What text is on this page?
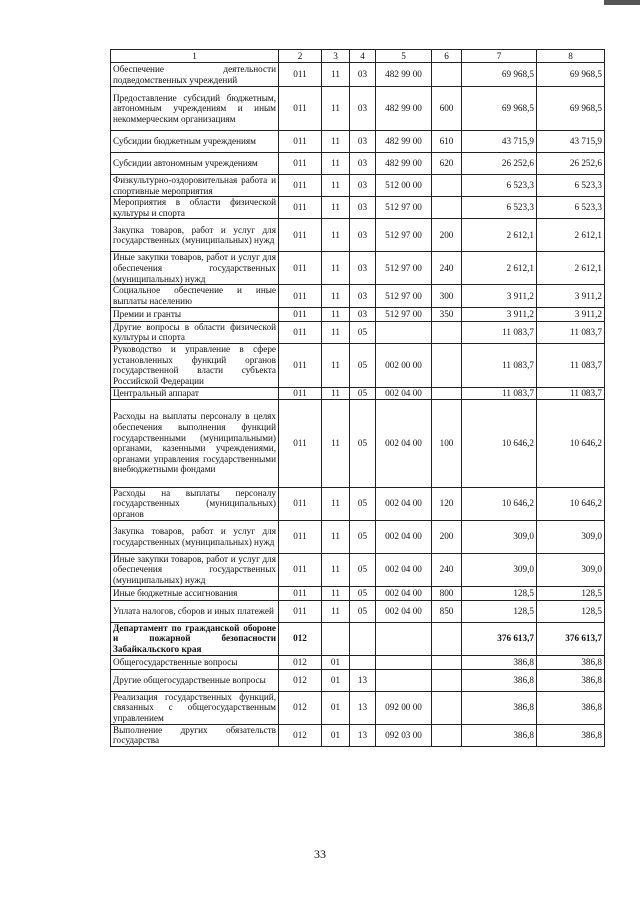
1	2	3	4	5	6	7	8
Обеспечение деятельности подведомственных учреждений	011	11	03	482 99 00		69 968,5	69 968,5
Предоставление субсидий бюджетным, автономным учреждениям и иным некоммерческим организациям	011	11	03	482 99 00	600	69 968,5	69 968,5
Субсидии бюджетным учреждениям	011	11	03	482 99 00	610	43 715,9	43 715,9
Субсидии автономным учреждениям	011	11	03	482 99 00	620	26 252,6	26 252,6
Физкультурно-оздоровительная работа и спортивные мероприятия	011	11	03	512 00 00		6 523,3	6 523,3
Мероприятия в области физической культуры и спорта	011	11	03	512 97 00		6 523,3	6 523,3
Закупка товаров, работ и услуг для государственных (муниципальных) нужд	011	11	03	512 97 00	200	2 612,1	2 612,1
Иные закупки товаров, работ и услуг для обеспечения государственных (муниципальных) нужд	011	11	03	512 97 00	240	2 612,1	2 612,1
Социальное обеспечение и иные выплаты населению	011	11	03	512 97 00	300	3 911,2	3 911,2
Премии и гранты	011	11	03	512 97 00	350	3 911,2	3 911,2
Другие вопросы в области физической культуры и спорта	011	11	05			11 083,7	11 083,7
Руководство и управление в сфере установленных функций органов государственной власти субъекта Российской Федерации	011	11	05	002 00 00		11 083,7	11 083,7
Центральный аппарат	011	11	05	002 04 00		11 083,7	11 083,7
Расходы на выплаты персоналу в целях обеспечения выполнения функций государственными (муниципальными) органами, казенными учреждениями, органами управления государственными внебюджетными фондами	011	11	05	002 04 00	100	10 646,2	10 646,2
Расходы на выплаты персоналу государственных (муниципальных) органов	011	11	05	002 04 00	120	10 646,2	10 646,2
Закупка товаров, работ и услуг для государственных (муниципальных) нужд	011	11	05	002 04 00	200	309,0	309,0
Иные закупки товаров, работ и услуг для обеспечения государственных (муниципальных) нужд	011	11	05	002 04 00	240	309,0	309,0
Иные бюджетные ассигнования	011	11	05	002 04 00	800	128,5	128,5
Уплата налогов, сборов и иных платежей	011	11	05	002 04 00	850	128,5	128,5
Департамент по гражданской обороне и пожарной безопасности Забайкальского края	012					376 613,7	376 613,7
Общегосударственные вопросы	012	01				386,8	386,8
Другие общегосударственные вопросы	012	01	13			386,8	386,8
Реализация государственных функций, связанных с общегосударственным управлением	012	01	13	092 00 00		386,8	386,8
Выполнение других обязательств государства	012	01	13	092 03 00		386,8	386,8
33
